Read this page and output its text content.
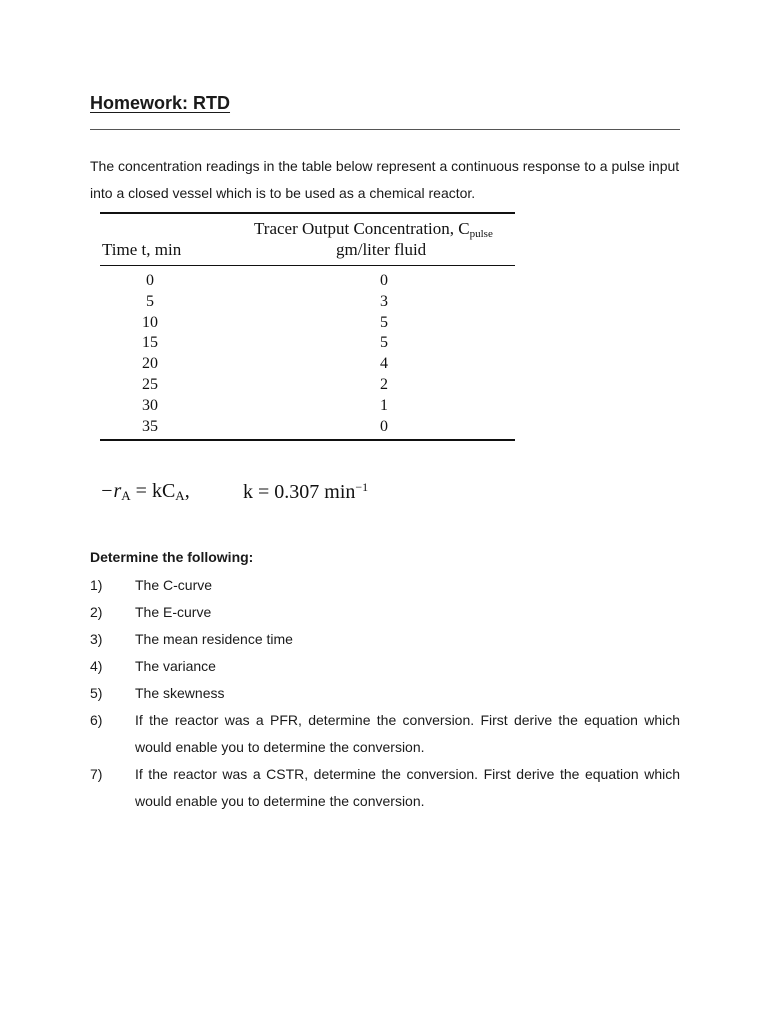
Homework: RTD

The concentration readings in the table below represent a continuous response to a pulse input into a closed vessel which is to be used as a chemical reactor.

Tracer Output Concentration, $C_{pulse}$
Time t, min	gm/liter fluid
0
5
10
15
20
25
30
35
0
3
5
5
4
2
1
0
$-r_A = kC_A$,	k = 0.307 $\min^{-1}$
Determine the following:
1) The C-curve
2) The E-curve
3) The mean residence time
4) The variance
5) The skewness
6) If the reactor was a PFR, determine the conversion. First derive the equation which would enable you to determine the conversion.
7) If the reactor was a CSTR, determine the conversion. First derive the equation which would enable you to determine the conversion.
